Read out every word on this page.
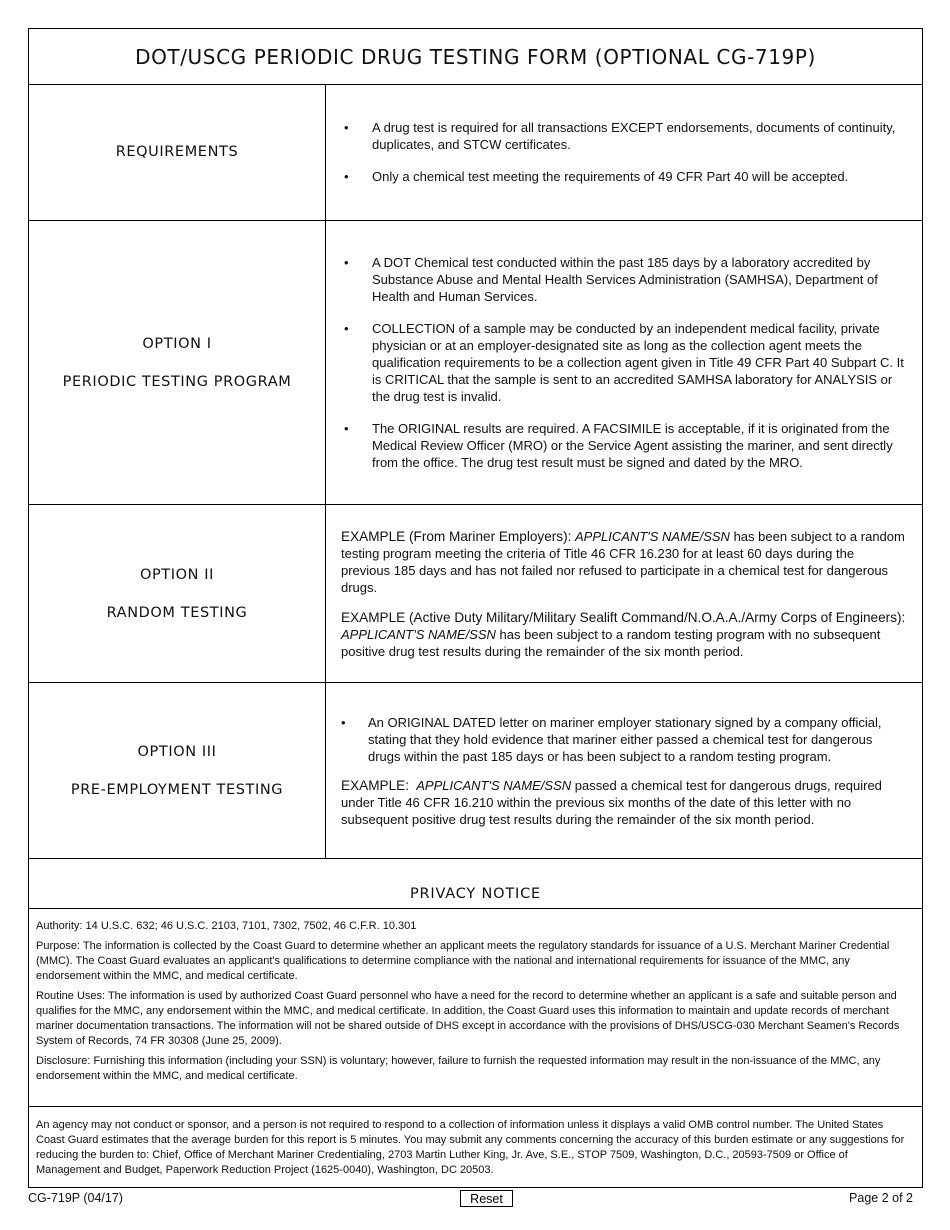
DOT/USCG PERIODIC DRUG TESTING FORM (OPTIONAL CG-719P)
REQUIREMENTS
• A drug test is required for all transactions EXCEPT endorsements, documents of continuity, duplicates, and STCW certificates.
• Only a chemical test meeting the requirements of 49 CFR Part 40 will be accepted.
OPTION I
PERIODIC TESTING PROGRAM
• A DOT Chemical test conducted within the past 185 days by a laboratory accredited by Substance Abuse and Mental Health Services Administration (SAMHSA), Department of Health and Human Services.
• COLLECTION of a sample may be conducted by an independent medical facility, private physician or at an employer-designated site as long as the collection agent meets the qualification requirements to be a collection agent given in Title 49 CFR Part 40 Subpart C. It is CRITICAL that the sample is sent to an accredited SAMHSA laboratory for ANALYSIS or the drug test is invalid.
• The ORIGINAL results are required. A FACSIMILE is acceptable, if it is originated from the Medical Review Officer (MRO) or the Service Agent assisting the mariner, and sent directly from the office. The drug test result must be signed and dated by the MRO.
OPTION II
RANDOM TESTING

EXAMPLE (From Mariner Employers): APPLICANT'S NAME/SSN has been subject to a random testing program meeting the criteria of Title 46 CFR 16.230 for at least 60 days during the previous 185 days and has not failed nor refused to participate in a chemical test for dangerous drugs.

EXAMPLE (Active Duty Military/Military Sealift Command/N.O.A.A./Army Corps of Engineers): APPLICANT'S NAME/SSN has been subject to a random testing program with no subsequent positive drug test results during the remainder of the six month period.

OPTION III
PRE-EMPLOYMENT TESTING
• An ORIGINAL DATED letter on mariner employer stationary signed by a company official, stating that they hold evidence that mariner either passed a chemical test for dangerous drugs within the past 185 days or has been subject to a random testing program.

EXAMPLE: APPLICANT'S NAME/SSN passed a chemical test for dangerous drugs, required under Title 46 CFR 16.210 within the previous six months of the date of this letter with no subsequent positive drug test results during the remainder of the six month period.

PRIVACY NOTICE

Authority: 14 U.S.C. 632; 46 U.S.C. 2103, 7101, 7302, 7502, 46 C.F.R. 10.301

Purpose: The information is collected by the Coast Guard to determine whether an applicant meets the regulatory standards for issuance of a U.S. Merchant Mariner Credential (MMC). The Coast Guard evaluates an applicant's qualifications to determine compliance with the national and international requirements for issuance of the MMC, any endorsement within the MMC, and medical certificate.

Routine Uses: The information is used by authorized Coast Guard personnel who have a need for the record to determine whether an applicant is a safe and suitable person and qualifies for the MMC, any endorsement within the MMC, and medical certificate. In addition, the Coast Guard uses this information to maintain and update records of merchant mariner documentation transactions. The information will not be shared outside of DHS except in accordance with the provisions of DHS/USCG-030 Merchant Seamen's Records System of Records, 74 FR 30308 (June 25, 2009).

Disclosure: Furnishing this information (including your SSN) is voluntary; however, failure to furnish the requested information may result in the non-issuance of the MMC, any endorsement within the MMC, and medical certificate.

An agency may not conduct or sponsor, and a person is not required to respond to a collection of information unless it displays a valid OMB control number. The United States Coast Guard estimates that the average burden for this report is 5 minutes. You may submit any comments concerning the accuracy of this burden estimate or any suggestions for reducing the burden to: Chief, Office of Merchant Mariner Credentialing, 2703 Martin Luther King, Jr. Ave, S.E., STOP 7509, Washington, D.C., 20593-7509 or Office of Management and Budget, Paperwork Reduction Project (1625-0040), Washington, DC 20503.
CG-719P (04/17)	Reset	Page 2 of 2
